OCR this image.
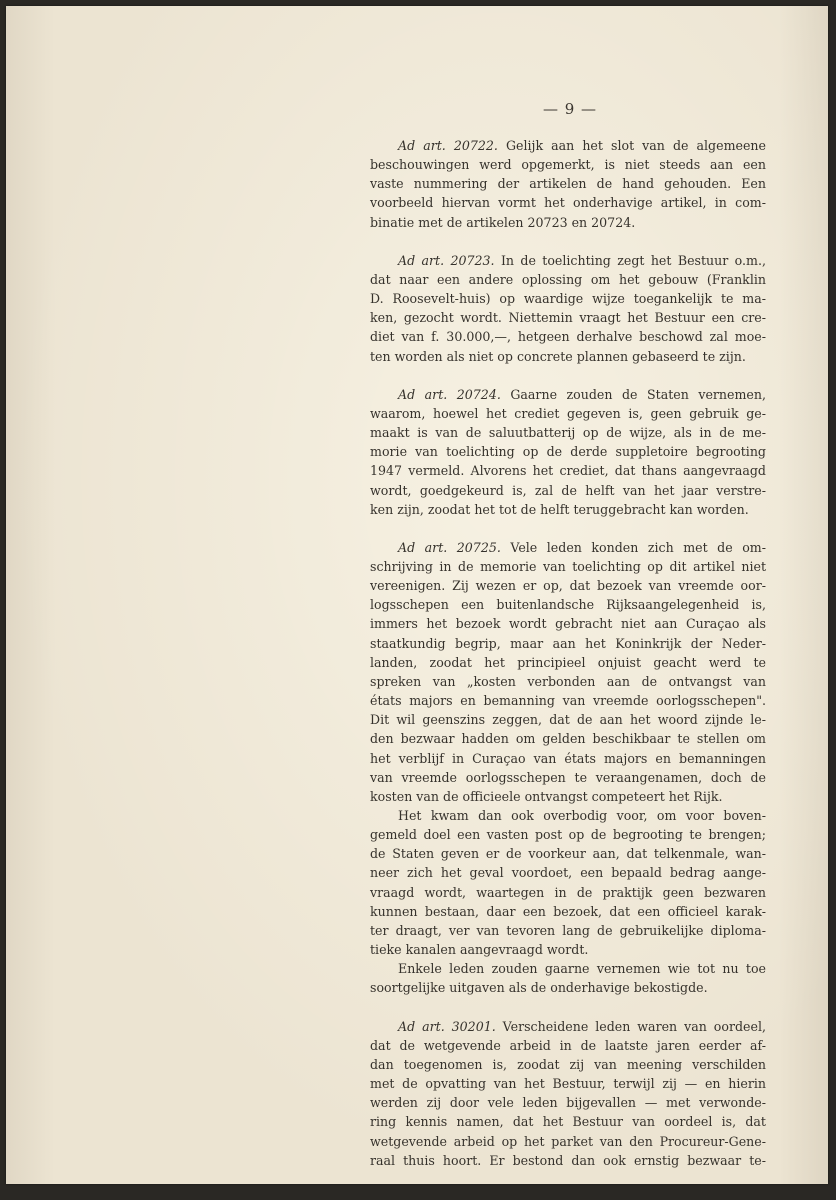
— 9 —
Ad art. 20722. Gelijk aan het slot van de algemeene
beschouwingen werd opgemerkt, is niet steeds aan een
vaste nummering der artikelen de hand gehouden. Een
voorbeeld hiervan vormt het onderhavige artikel, in com-
binatie met de artikelen 20723 en 20724.
Ad art. 20723. In de toelichting zegt het Bestuur o.m.,
dat naar een andere oplossing om het gebouw (Franklin
D. Roosevelt-huis) op waardige wijze toegankelijk te ma-
ken, gezocht wordt. Niettemin vraagt het Bestuur een cre-
diet van f. 30.000,—, hetgeen derhalve beschowd zal moe-
ten worden als niet op concrete plannen gebaseerd te zijn.
Ad art. 20724. Gaarne zouden de Staten vernemen,
waarom, hoewel het crediet gegeven is, geen gebruik ge-
maakt is van de saluutbatterij op de wijze, als in de me-
morie van toelichting op de derde suppletoire begrooting
1947 vermeld. Alvorens het crediet, dat thans aangevraagd
wordt, goedgekeurd is, zal de helft van het jaar verstre-
ken zijn, zoodat het tot de helft teruggebracht kan worden.
Ad art. 20725. Vele leden konden zich met de om-
schrijving in de memorie van toelichting op dit artikel niet
vereenigen. Zij wezen er op, dat bezoek van vreemde oor-
logsschepen een buitenlandsche Rijksaangelegenheid is,
immers het bezoek wordt gebracht niet aan Curaçao als
staatkundig begrip, maar aan het Koninkrijk der Neder-
landen, zoodat het principieel onjuist geacht werd te
spreken van „kosten verbonden aan de ontvangst van
états majors en bemanning van vreemde oorlogsschepen".
Dit wil geenszins zeggen, dat de aan het woord zijnde le-
den bezwaar hadden om gelden beschikbaar te stellen om
het verblijf in Curaçao van états majors en bemanningen
van vreemde oorlogsschepen te veraangenamen, doch de
kosten van de officieele ontvangst competeert het Rijk.
Het kwam dan ook overbodig voor, om voor boven-
gemeld doel een vasten post op de begrooting te brengen;
de Staten geven er de voorkeur aan, dat telkenmale, wan-
neer zich het geval voordoet, een bepaald bedrag aange-
vraagd wordt, waartegen in de praktijk geen bezwaren
kunnen bestaan, daar een bezoek, dat een officieel karak-
ter draagt, ver van tevoren lang de gebruikelijke diploma-
tieke kanalen aangevraagd wordt.
Enkele leden zouden gaarne vernemen wie tot nu toe
soortgelijke uitgaven als de onderhavige bekostigde.
Ad art. 30201. Verscheidene leden waren van oordeel,
dat de wetgevende arbeid in de laatste jaren eerder af-
dan toegenomen is, zoodat zij van meening verschilden
met de opvatting van het Bestuur, terwijl zij — en hierin
werden zij door vele leden bijgevallen — met verwonde-
ring kennis namen, dat het Bestuur van oordeel is, dat
wetgevende arbeid op het parket van den Procureur-Gene-
raal thuis hoort. Er bestond dan ook ernstig bezwaar te-
